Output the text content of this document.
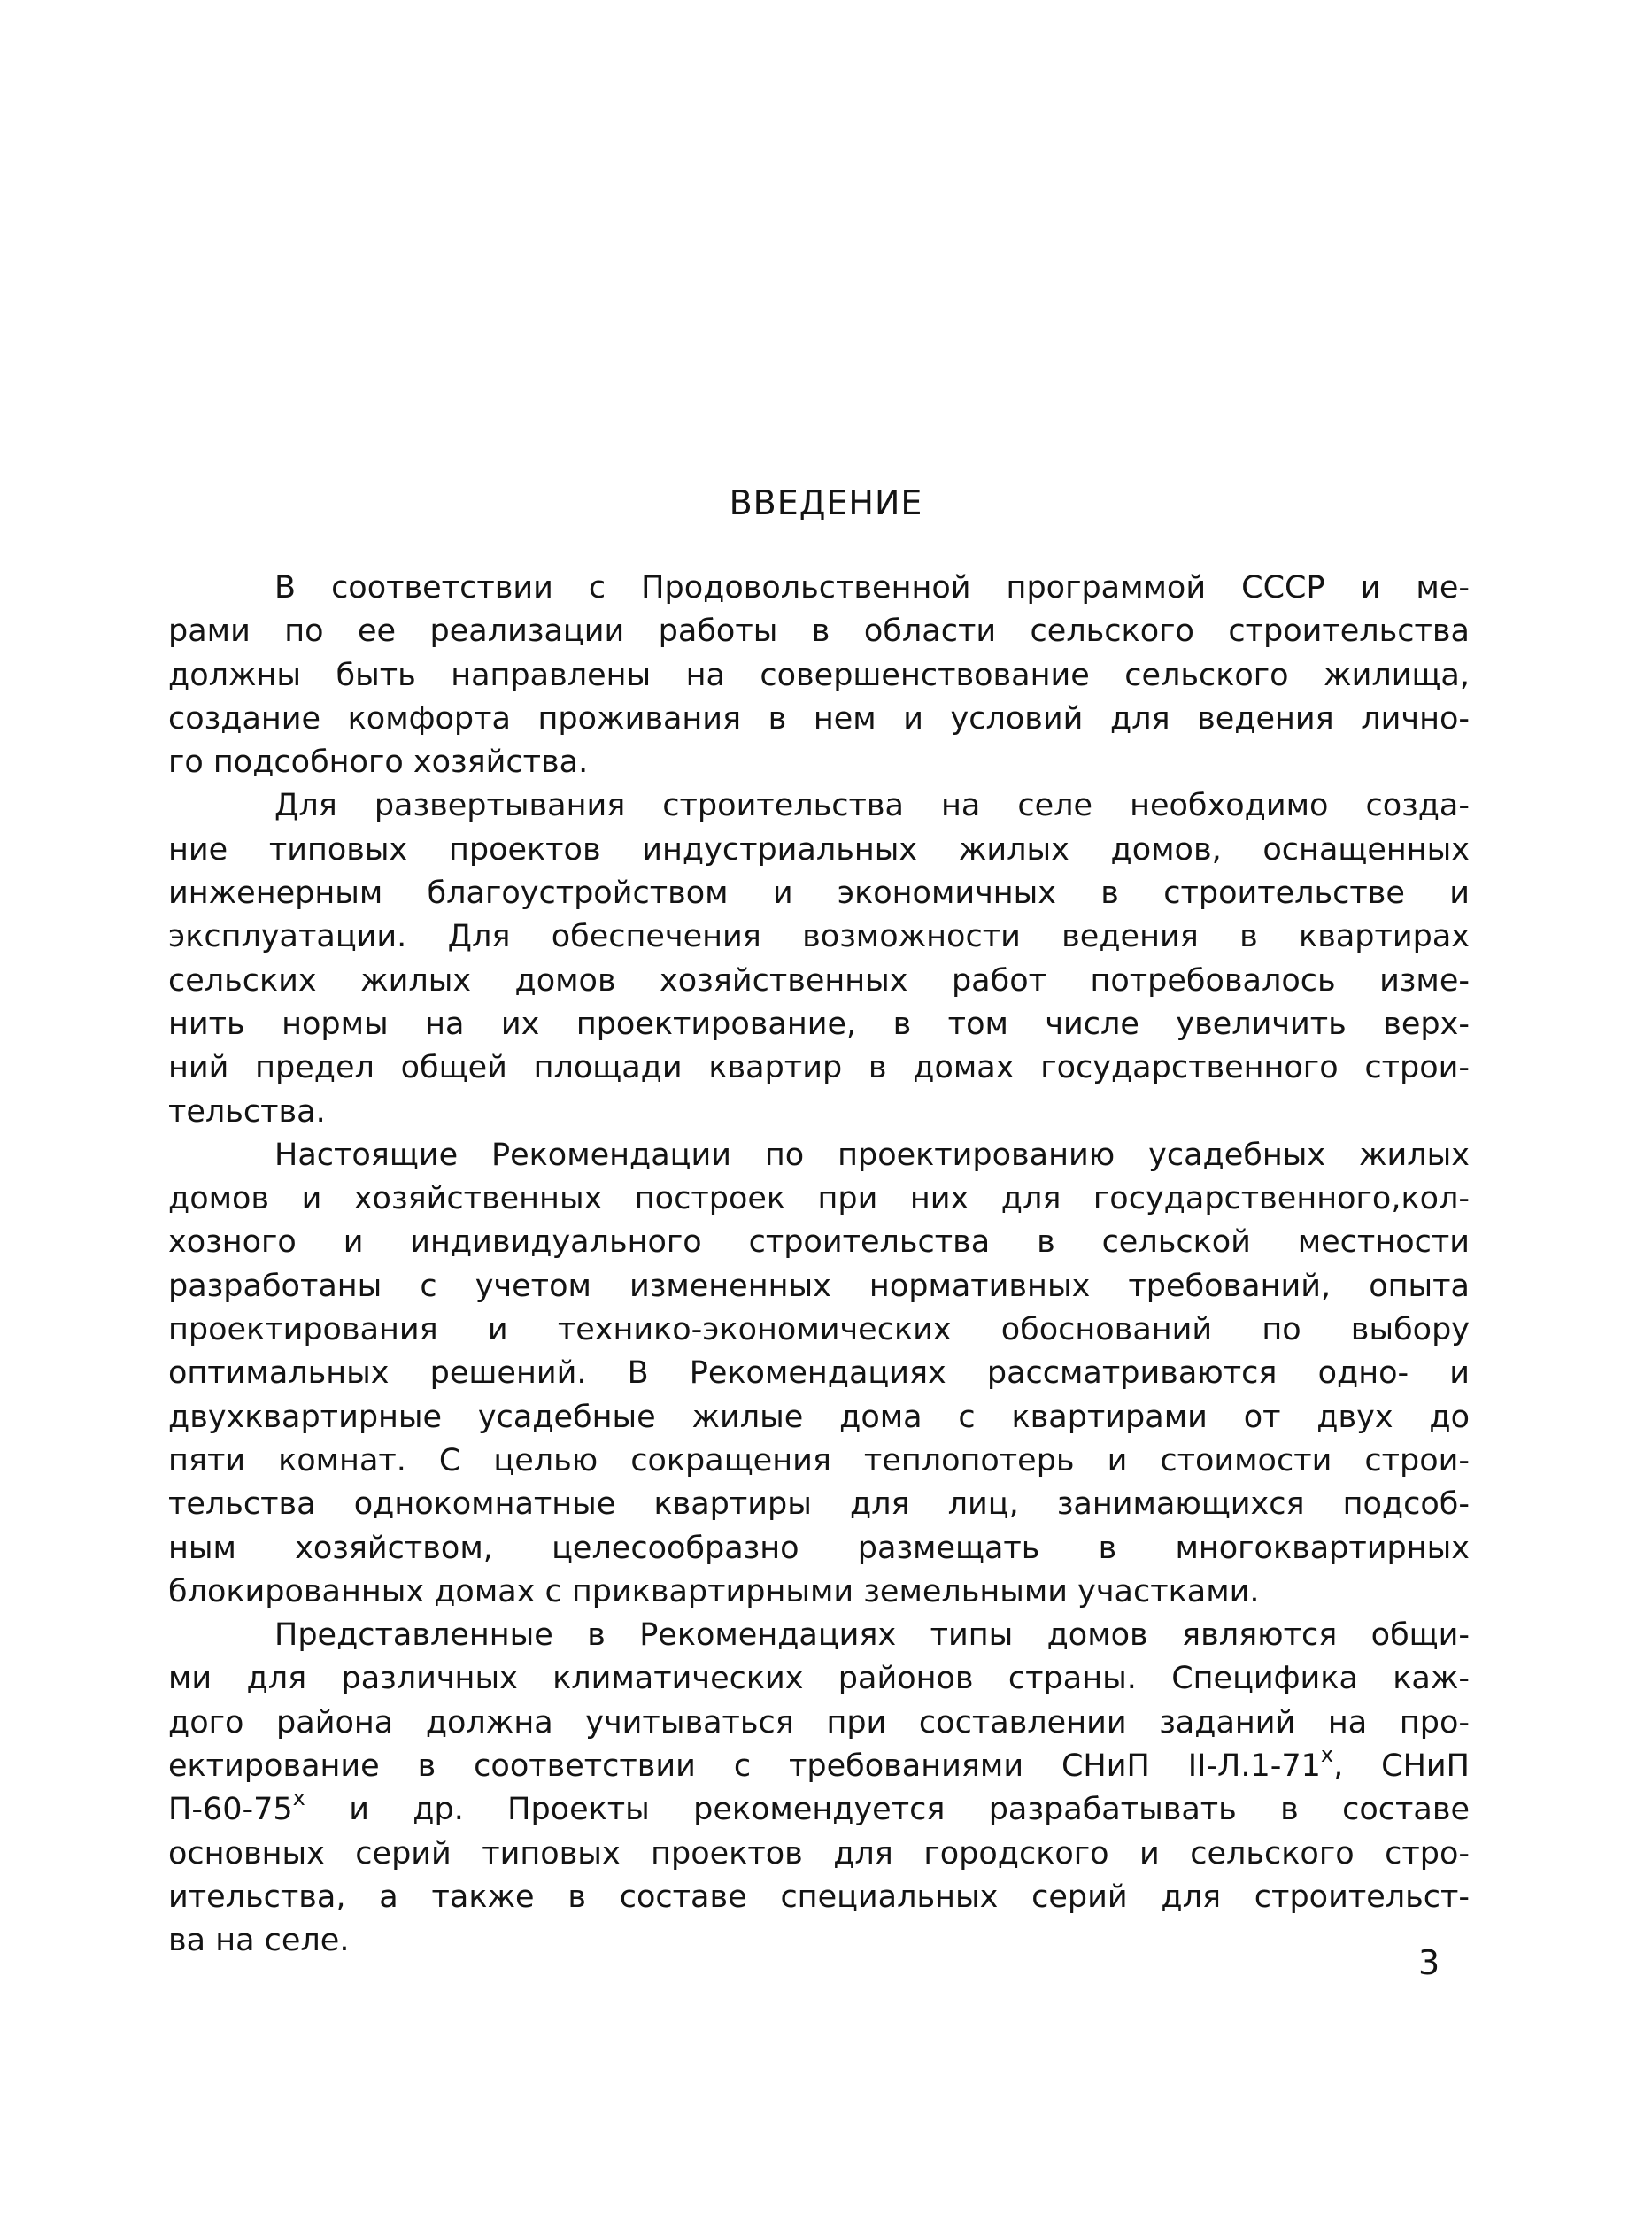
ВВЕДЕНИЕ
В соответствии с Продовольственной программой СССР и ме-
рами по ее реализации работы в области сельского строительства
должны быть направлены на совершенствование сельского жилища,
создание комфорта проживания в нем и условий для ведения лично-
го подсобного хозяйства.
Для развертывания строительства на селе необходимо созда-
ние типовых проектов индустриальных жилых домов, оснащенных
инженерным благоустройством и экономичных в строительстве и
эксплуатации. Для обеспечения возможности ведения в квартирах
сельских жилых домов хозяйственных работ потребовалось изме-
нить нормы на их проектирование, в том числе увеличить верх-
ний предел общей площади квартир в домах государственного строи-
тельства.
Настоящие Рекомендации по проектированию усадебных жилых
домов и хозяйственных построек при них для государственного,кол-
хозного и индивидуального строительства в сельской местности
разработаны с учетом измененных нормативных требований, опыта
проектирования и технико-экономических обоснований по выбору
оптимальных решений. В Рекомендациях рассматриваются одно- и
двухквартирные усадебные жилые дома с квартирами от двух до
пяти комнат. С целью сокращения теплопотерь и стоимости строи-
тельства однокомнатные квартиры для лиц, занимающихся подсоб-
ным хозяйством, целесообразно размещать в многоквартирных
блокированных домах с приквартирными земельными участками.
Представленные в Рекомендациях типы домов являются общи-
ми для различных климатических районов страны. Специфика каж-
дого района должна учитываться при составлении заданий на про-
ектирование в соответствии с требованиями СНиП $II-Л.1-71^х$, СНиП
$П-60-75^х$ и др. Проекты рекомендуется разрабатывать в составе
основных серий типовых проектов для городского и сельского стро-
ительства, а также в составе специальных серий для строительст-
ва на селе.
3
